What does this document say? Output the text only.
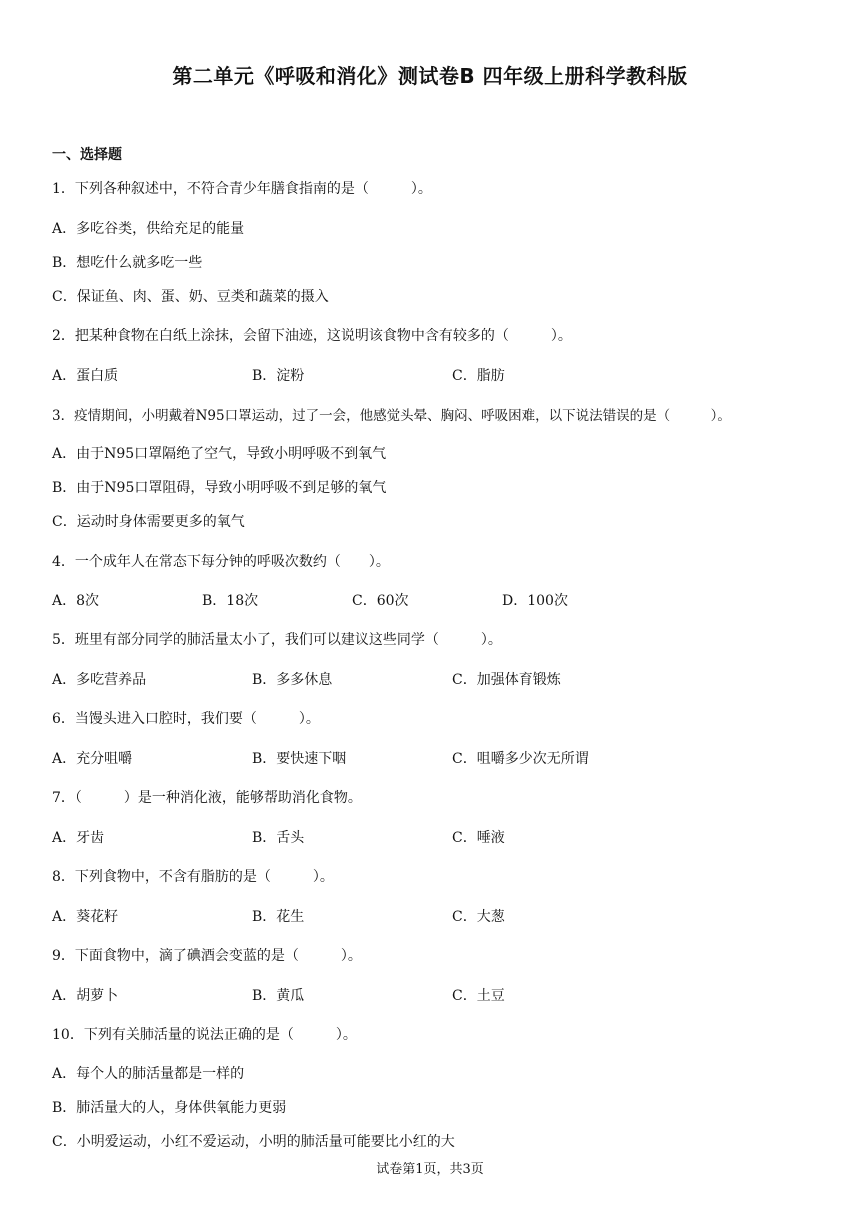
第二单元《呼吸和消化》测试卷B 四年级上册科学教科版
一、选择题
1．下列各种叙述中，不符合青少年膳食指南的是（　　　）。
A．多吃谷类，供给充足的能量
B．想吃什么就多吃一些
C．保证鱼、肉、蛋、奶、豆类和蔬菜的摄入
2．把某种食物在白纸上涂抹，会留下油迹，这说明该食物中含有较多的（　　　）。
A．蛋白质	B．淀粉	C．脂肪
3．疫情期间，小明戴着N95口罩运动，过了一会，他感觉头晕、胸闷、呼吸困难，以下说法错误的是（　　　）。
A．由于N95口罩隔绝了空气，导致小明呼吸不到氧气
B．由于N95口罩阻碍，导致小明呼吸不到足够的氧气
C．运动时身体需要更多的氧气
4．一个成年人在常态下每分钟的呼吸次数约（　　）。
A．8次	B．18次	C．60次	D．100次
5．班里有部分同学的肺活量太小了，我们可以建议这些同学（　　　）。
A．多吃营养品	B．多多休息	C．加强体育锻炼
6．当馒头进入口腔时，我们要（　　　）。
A．充分咀嚼	B．要快速下咽	C．咀嚼多少次无所谓
7．（　　　）是一种消化液，能够帮助消化食物。
A．牙齿	B．舌头	C．唾液
8．下列食物中，不含有脂肪的是（　　　）。
A．葵花籽	B．花生	C．大葱
9．下面食物中，滴了碘酒会变蓝的是（　　　）。
A．胡萝卜	B．黄瓜	C．土豆
10．下列有关肺活量的说法正确的是（　　　）。
A．每个人的肺活量都是一样的
B．肺活量大的人，身体供氧能力更弱
C．小明爱运动，小红不爱运动，小明的肺活量可能要比小红的大
试卷第1页，共3页
